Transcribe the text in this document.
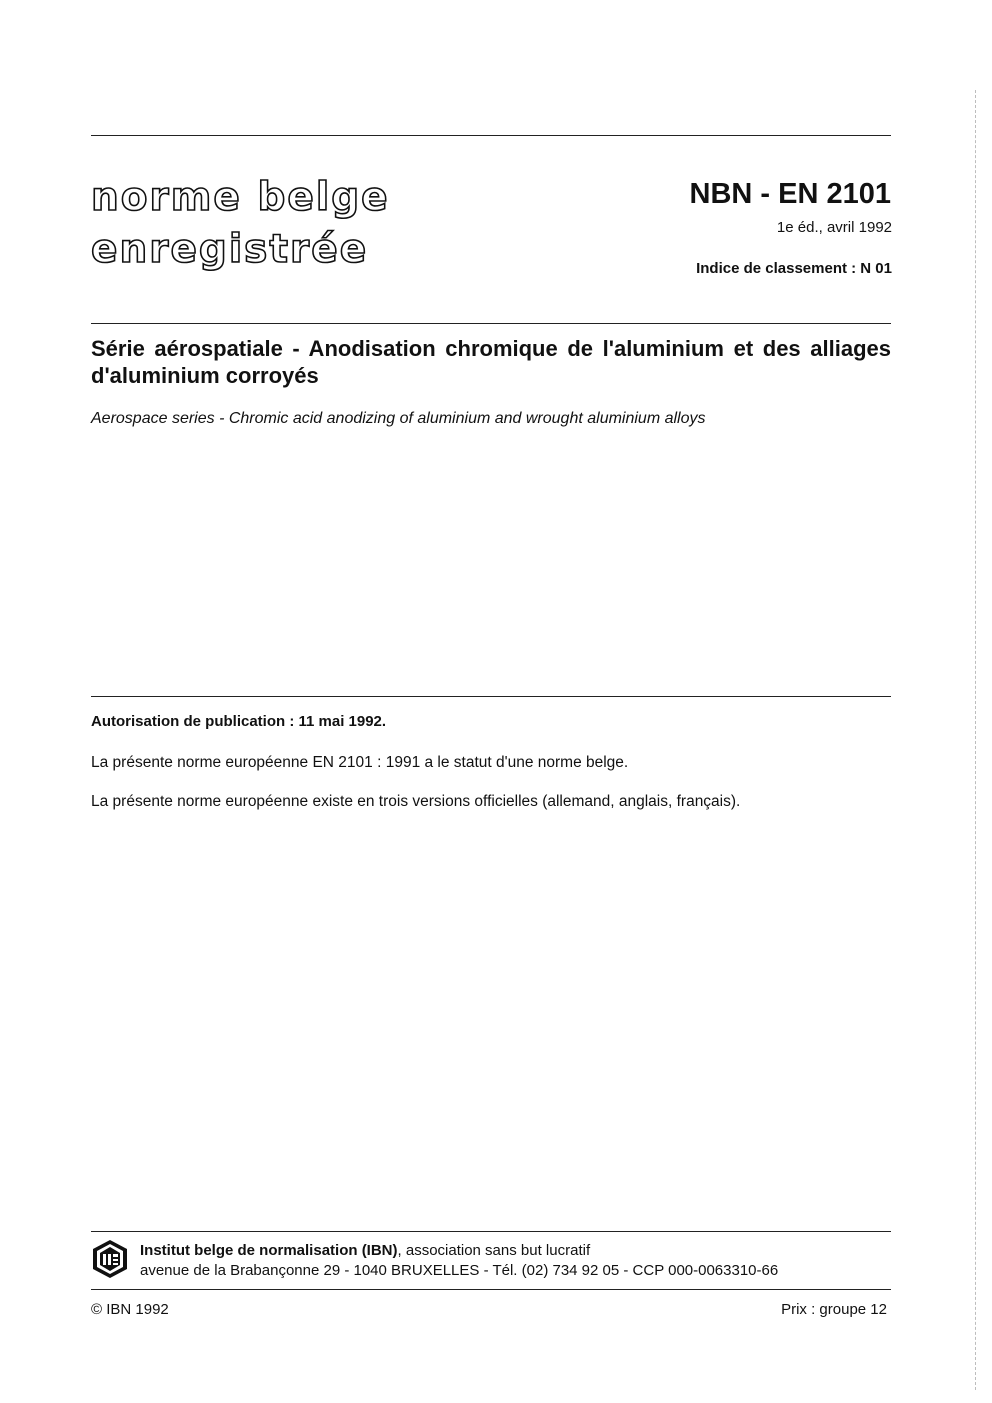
norme belge
enregistrée
NBN - EN 2101
1e éd., avril 1992
Indice de classement : N 01
Série aérospatiale - Anodisation chromique de l'aluminium et des alliages d'aluminium corroyés
Aerospace series - Chromic acid anodizing of aluminium and wrought aluminium alloys
Autorisation de publication : 11 mai 1992.
La présente norme européenne EN 2101 : 1991 a le statut d'une norme belge.
La présente norme européenne existe en trois versions officielles (allemand, anglais, français).
Institut belge de normalisation (IBN), association sans but lucratif
avenue de la Brabançonne 29 - 1040 BRUXELLES - Tél. (02) 734 92 05 - CCP 000-0063310-66
© IBN 1992	Prix : groupe 12
